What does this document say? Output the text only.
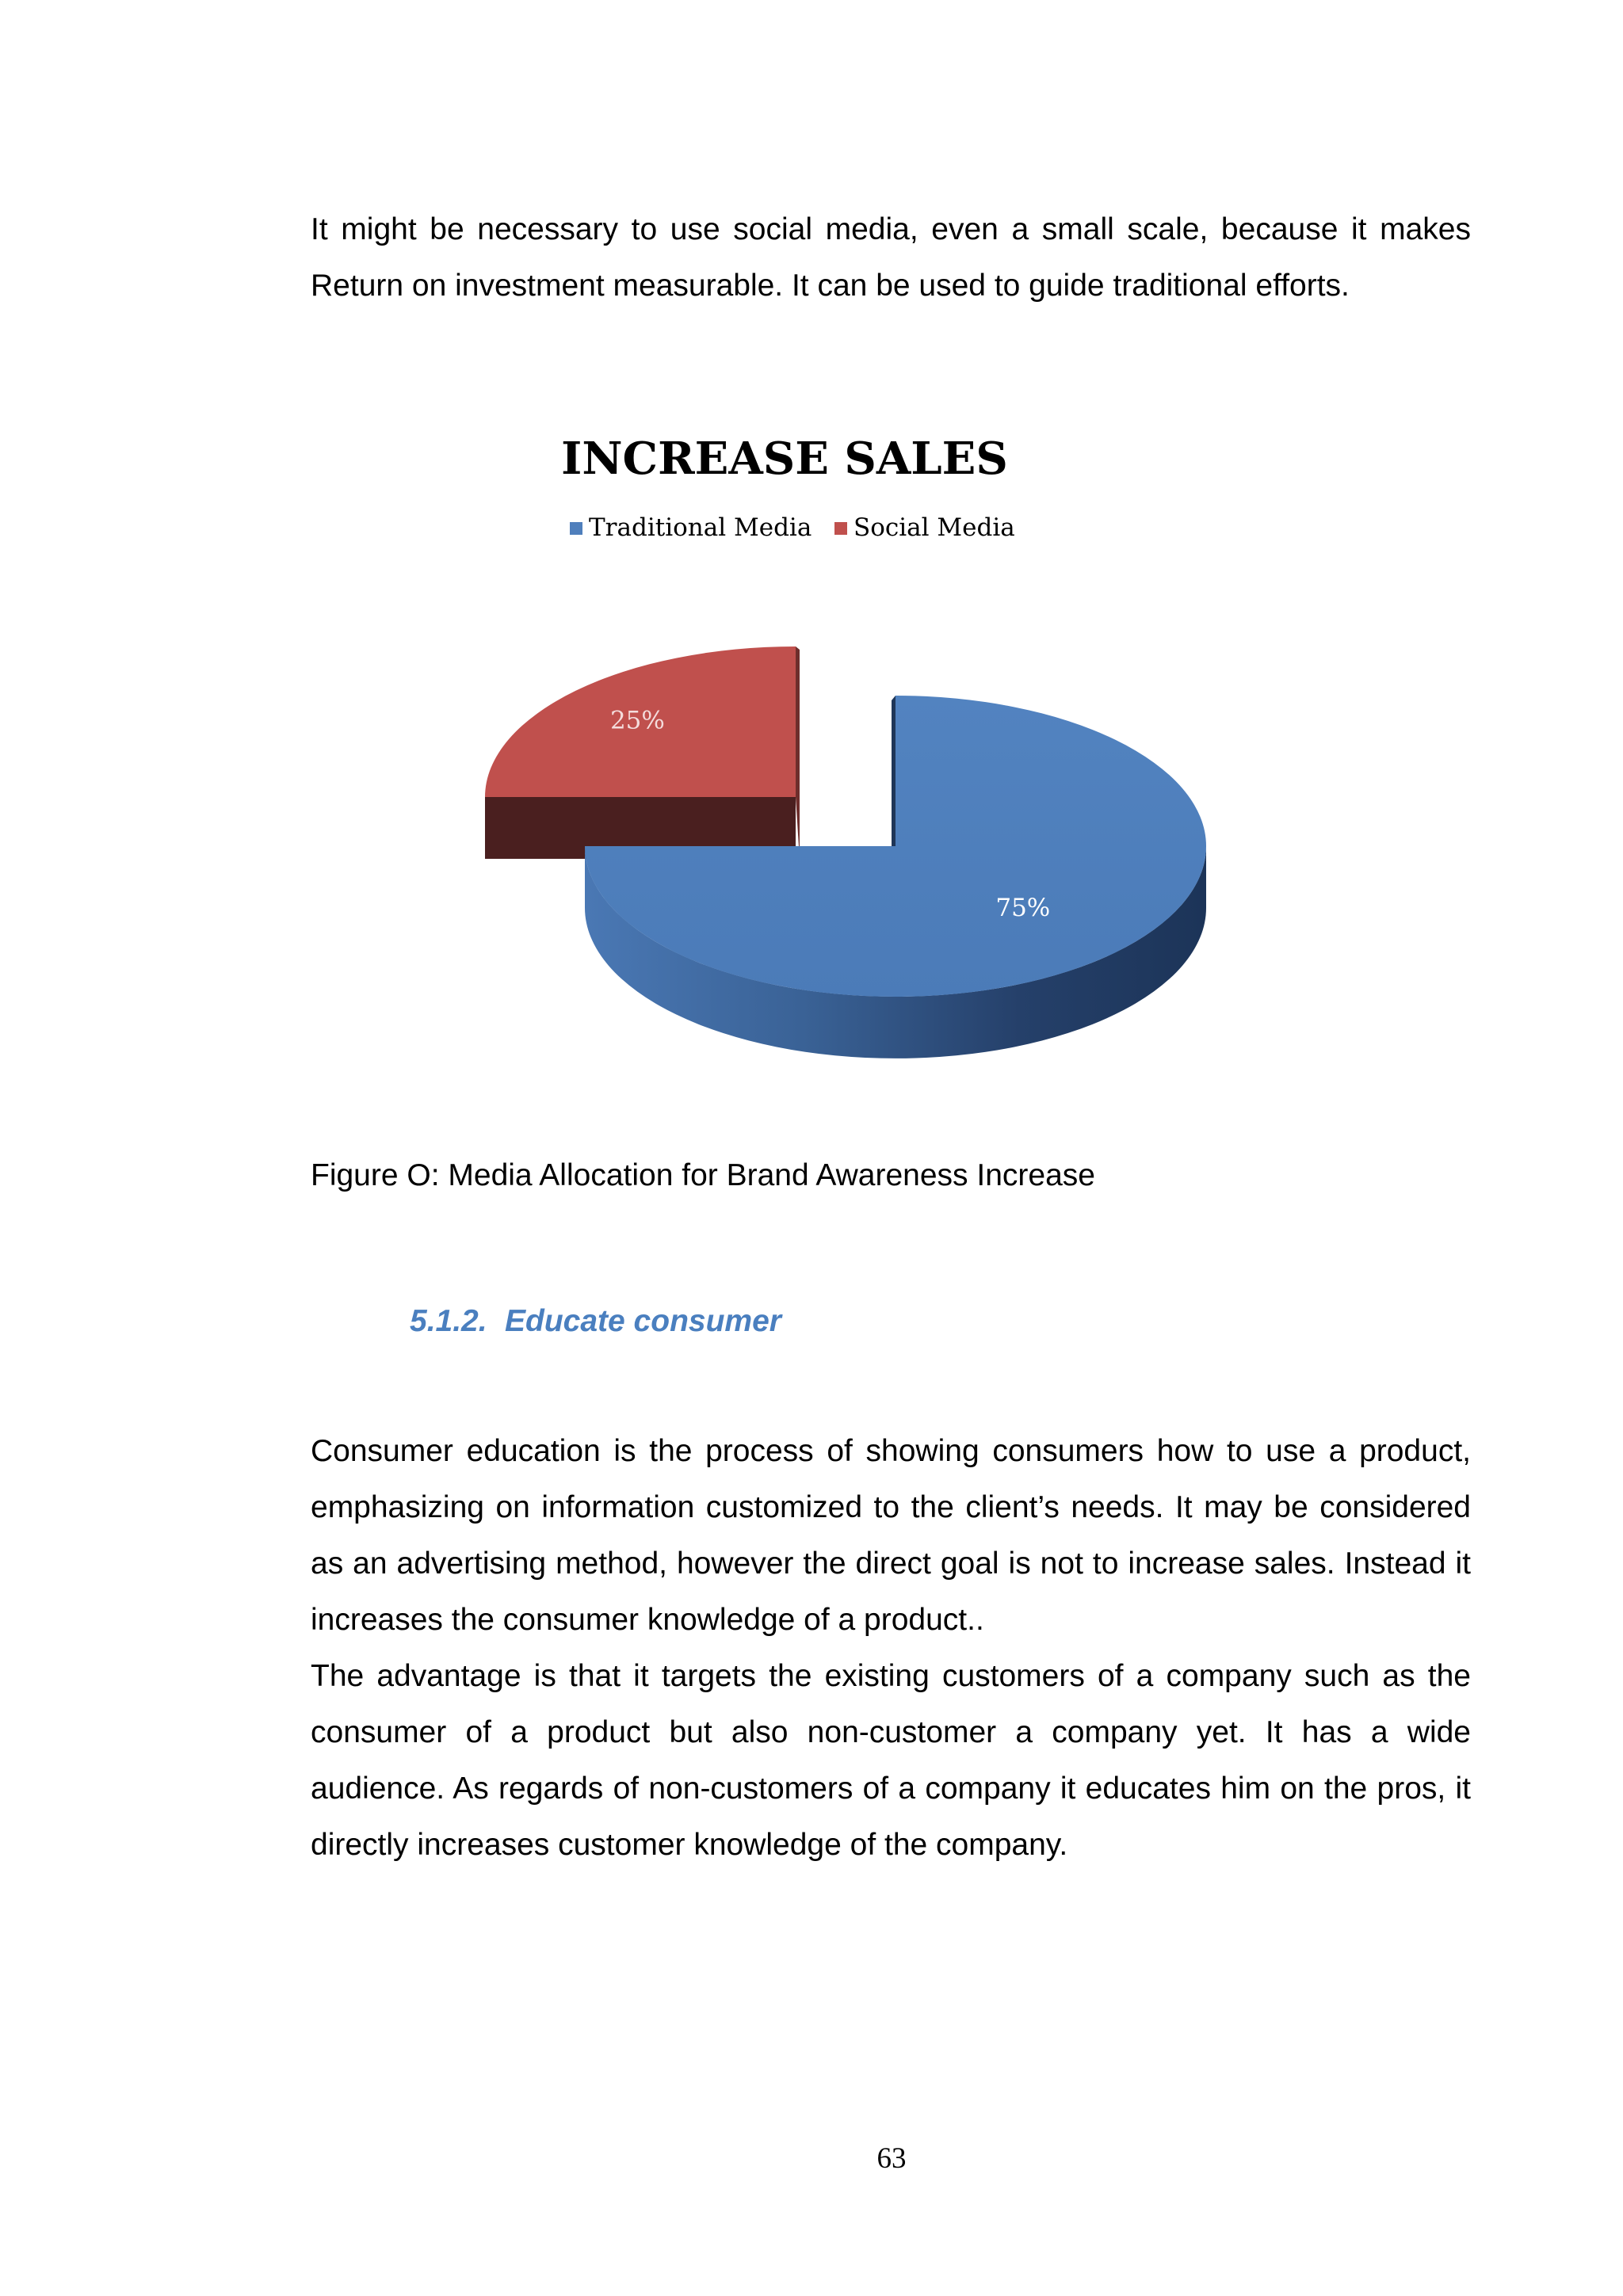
It might be necessary to use social media, even a small scale, because it makes Return on investment measurable. It can be used to guide traditional efforts.
INCREASE SALES
Traditional Media Social Media
75%
25%
Figure O: Media Allocation for Brand Awareness Increase
5.1.2. Educate consumer
Consumer education is the process of showing consumers how to use a product, emphasizing on information customized to the client’s needs. It may be considered as an advertising method, however the direct goal is not to increase sales. Instead it increases the consumer knowledge of a product..
The advantage is that it targets the existing customers of a company such as the consumer of a product but also non-customer a company yet. It has a wide audience. As regards of non-customers of a company it educates him on the pros, it directly increases customer knowledge of the company.
63
